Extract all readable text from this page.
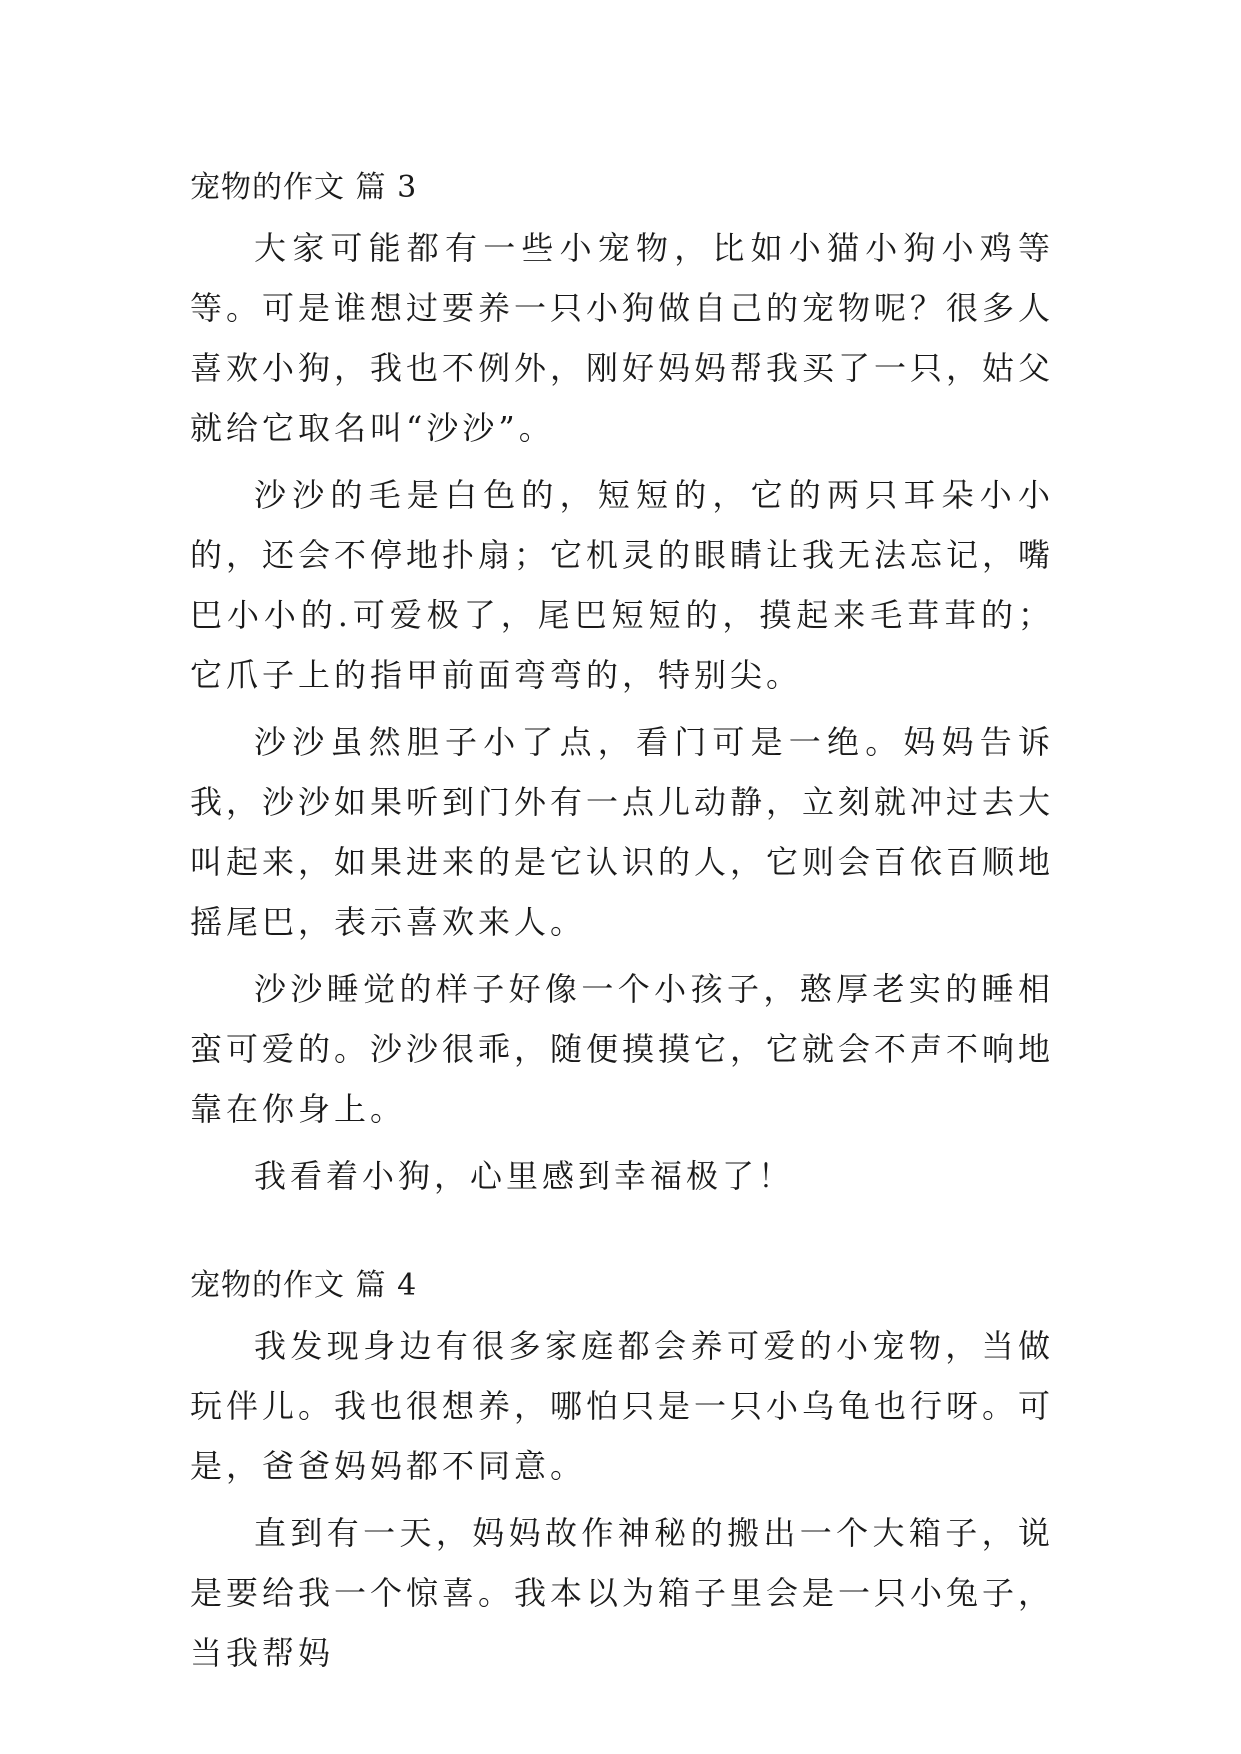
宠物的作文 篇 3

大家可能都有一些小宠物，比如小猫小狗小鸡等等。可是谁想过要养一只小狗做自己的宠物呢？很多人喜欢小狗，我也不例外，刚好妈妈帮我买了一只，姑父就给它取名叫“沙沙”。

沙沙的毛是白色的，短短的，它的两只耳朵小小的，还会不停地扑扇；它机灵的眼睛让我无法忘记，嘴巴小小的.可爱极了，尾巴短短的，摸起来毛茸茸的；它爪子上的指甲前面弯弯的，特别尖。

沙沙虽然胆子小了点，看门可是一绝。妈妈告诉我，沙沙如果听到门外有一点儿动静，立刻就冲过去大叫起来，如果进来的是它认识的人，它则会百依百顺地摇尾巴，表示喜欢来人。

沙沙睡觉的样子好像一个小孩子，憨厚老实的睡相蛮可爱的。沙沙很乖，随便摸摸它，它就会不声不响地靠在你身上。

我看着小狗，心里感到幸福极了！

宠物的作文 篇 4

我发现身边有很多家庭都会养可爱的小宠物，当做玩伴儿。我也很想养，哪怕只是一只小乌龟也行呀。可是，爸爸妈妈都不同意。

直到有一天，妈妈故作神秘的搬出一个大箱子，说是要给我一个惊喜。我本以为箱子里会是一只小兔子，当我帮妈
